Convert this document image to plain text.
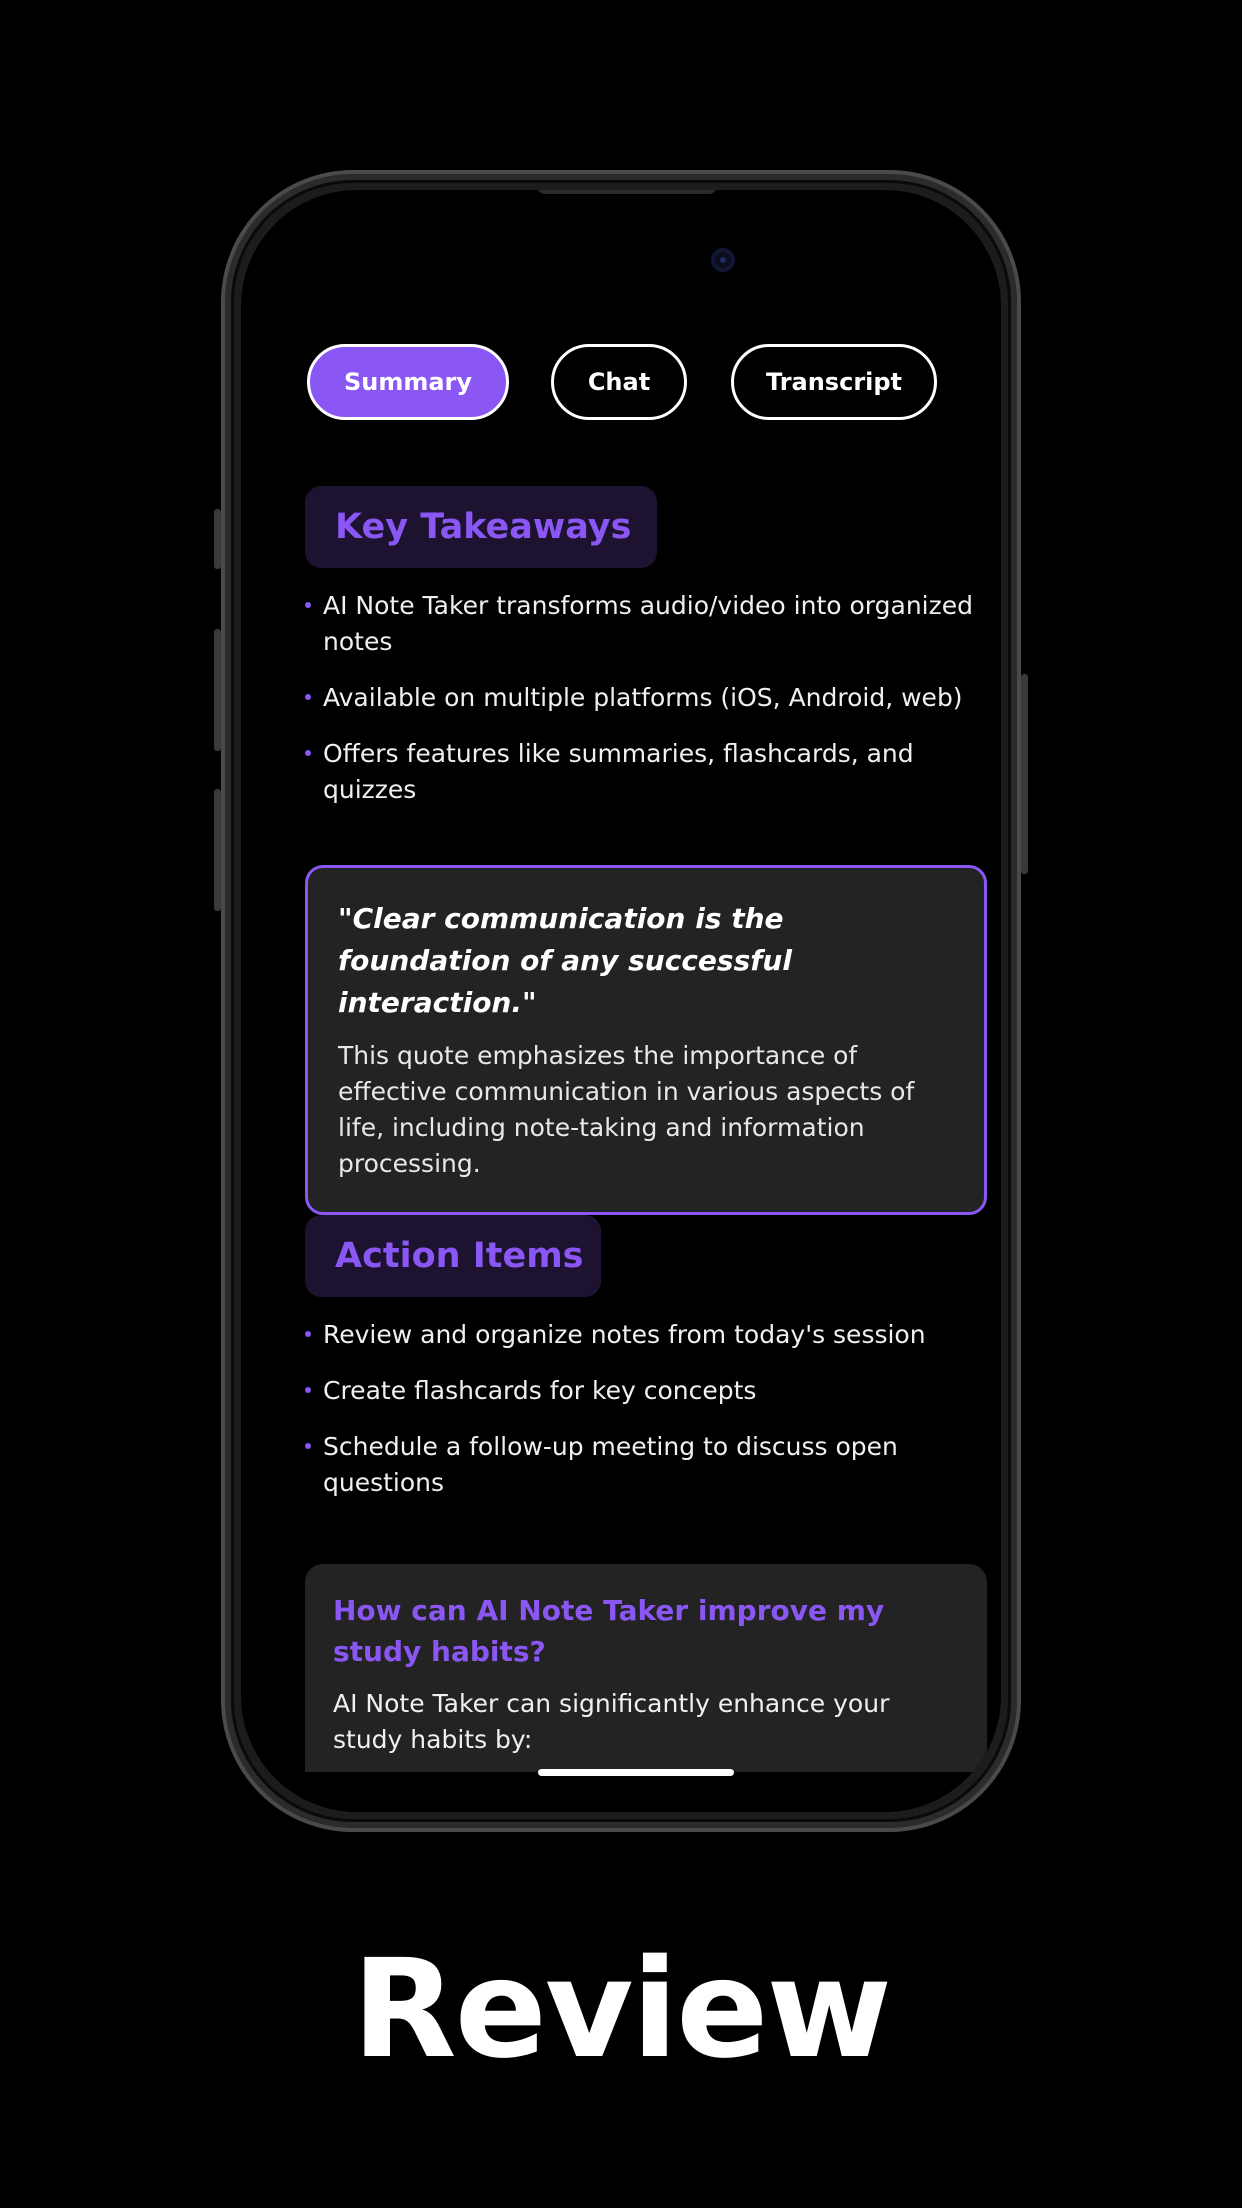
Summary	Chat	Transcript
Key Takeaways
AI Note Taker transforms audio/video into organized notes
Available on multiple platforms (iOS, Android, web)
Offers features like summaries, flashcards, and quizzes
"Clear communication is the foundation of any successful interaction."
This quote emphasizes the importance of effective communication in various aspects of life, including note-taking and information processing.
Action Items
Review and organize notes from today's session
Create flashcards for key concepts
Schedule a follow-up meeting to discuss open questions
How can AI Note Taker improve my study habits?
AI Note Taker can significantly enhance your study habits by:
Review
